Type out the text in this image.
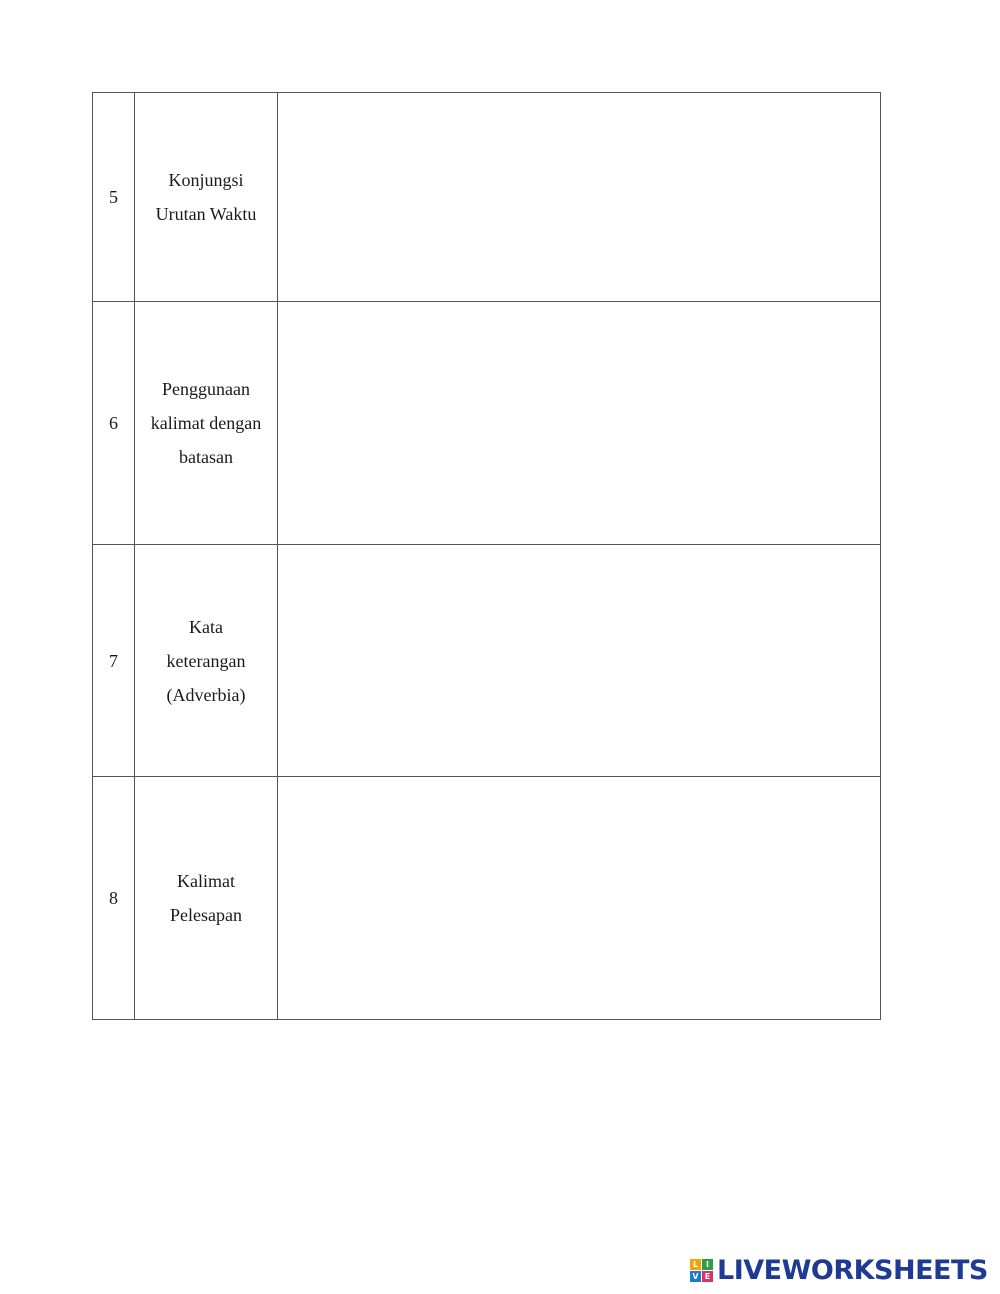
5	Konjungsi
Urutan Waktu	

6	Penggunaan
kalimat dengan
batasan	

7	Kata
keterangan
(Adverbia)	

8	Kalimat
Pelesapan	

L I
V E LIVEWORKSHEETS
